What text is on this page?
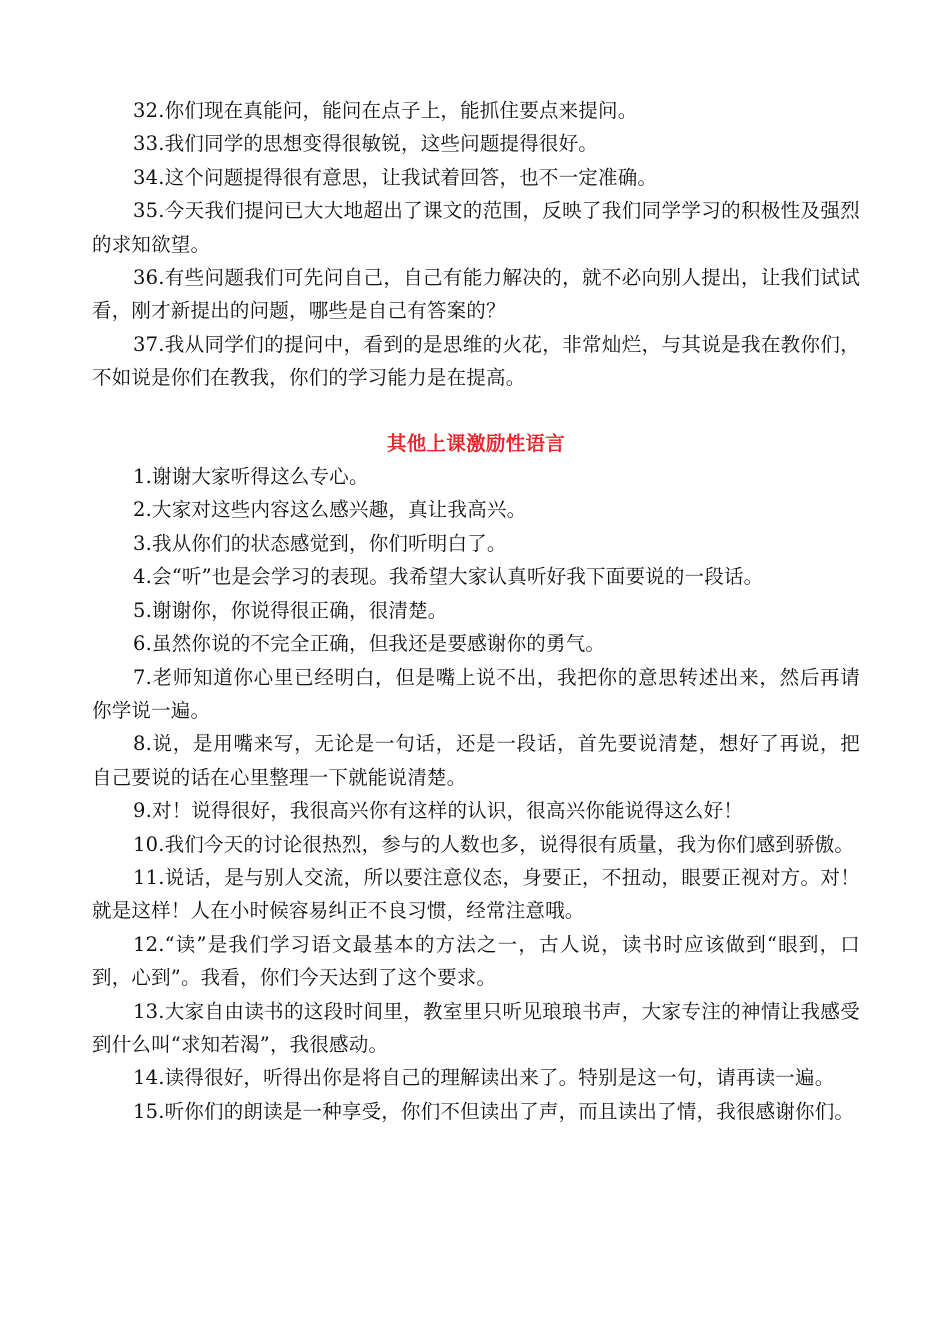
32.你们现在真能问，能问在点子上，能抓住要点来提问。

33.我们同学的思想变得很敏锐，这些问题提得很好。

34.这个问题提得很有意思，让我试着回答，也不一定准确。

35.今天我们提问已大大地超出了课文的范围，反映了我们同学学习的积极性及强烈的求知欲望。

36.有些问题我们可先问自己，自己有能力解决的，就不必向别人提出，让我们试试看，刚才新提出的问题，哪些是自己有答案的？

37.我从同学们的提问中，看到的是思维的火花，非常灿烂，与其说是我在教你们，不如说是你们在教我，你们的学习能力是在提高。

其他上课激励性语言

1.谢谢大家听得这么专心。

2.大家对这些内容这么感兴趣，真让我高兴。

3.我从你们的状态感觉到，你们听明白了。

4.会“听”也是会学习的表现。我希望大家认真听好我下面要说的一段话。

5.谢谢你，你说得很正确，很清楚。

6.虽然你说的不完全正确，但我还是要感谢你的勇气。

7.老师知道你心里已经明白，但是嘴上说不出，我把你的意思转述出来，然后再请你学说一遍。

8.说，是用嘴来写，无论是一句话，还是一段话，首先要说清楚，想好了再说，把自己要说的话在心里整理一下就能说清楚。

9.对！说得很好，我很高兴你有这样的认识，很高兴你能说得这么好！

10.我们今天的讨论很热烈，参与的人数也多，说得很有质量，我为你们感到骄傲。

11.说话，是与别人交流，所以要注意仪态，身要正，不扭动，眼要正视对方。对！就是这样！人在小时候容易纠正不良习惯，经常注意哦。

12.“读”是我们学习语文最基本的方法之一，古人说，读书时应该做到“眼到，口到，心到”。我看，你们今天达到了这个要求。

13.大家自由读书的这段时间里，教室里只听见琅琅书声，大家专注的神情让我感受到什么叫“求知若渴”，我很感动。

14.读得很好，听得出你是将自己的理解读出来了。特别是这一句，请再读一遍。

15.听你们的朗读是一种享受，你们不但读出了声，而且读出了情，我很感谢你们。
